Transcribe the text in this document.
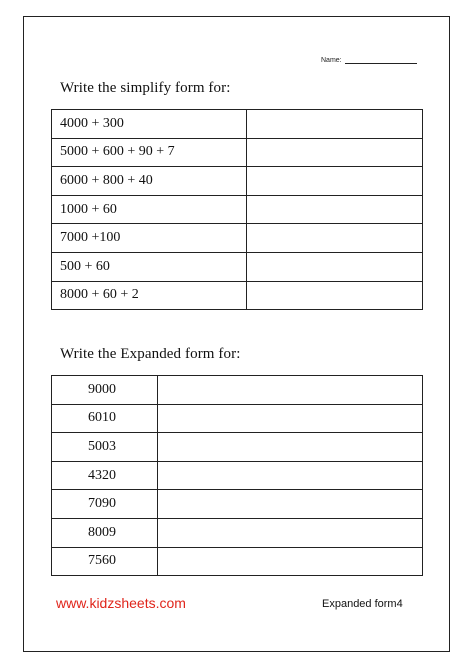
Name:
Write the simplify form for:
4000 + 300	
5000 + 600 + 90 + 7	
6000 + 800 + 40	
1000 + 60	
7000 +100	
500 + 60	
8000 + 60 + 2	
Write the Expanded form for:
9000	
6010	
5003	
4320	
7090	
8009	
7560	
www.kidzsheets.com	Expanded form4
